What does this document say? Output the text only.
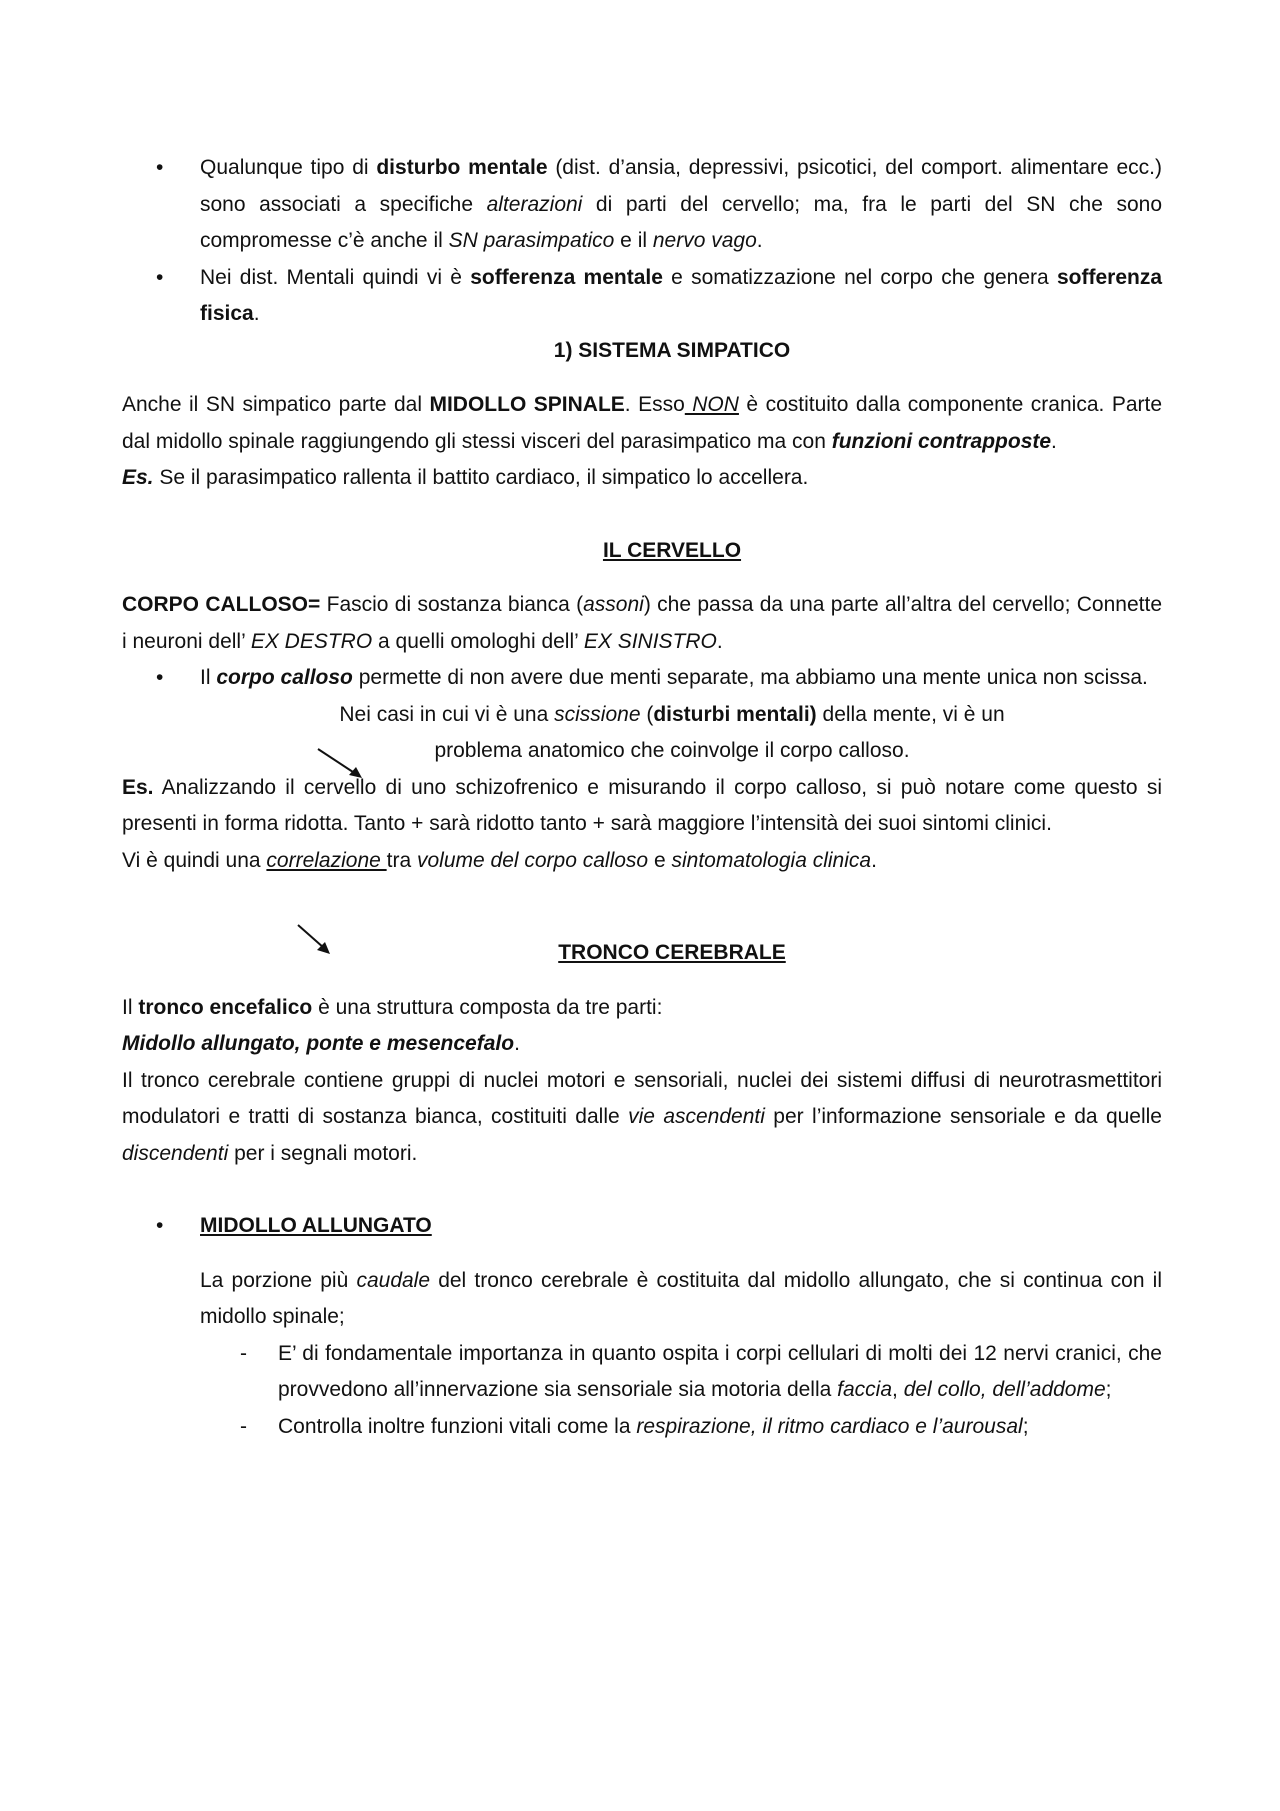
•	Qualunque tipo di disturbo mentale (dist. d’ansia, depressivi, psicotici, del comport. alimentare ecc.) sono associati a specifiche alterazioni di parti del cervello; ma, fra le parti del SN che sono compromesse c’è anche il SN parasimpatico e il nervo vago.
•	Nei dist. Mentali quindi vi è sofferenza mentale e somatizzazione nel corpo che genera sofferenza fisica.
1) SISTEMA SIMPATICO
Anche il SN simpatico parte dal MIDOLLO SPINALE. Esso NON è costituito dalla componente cranica. Parte dal midollo spinale raggiungendo gli stessi visceri del parasimpatico ma con funzioni contrapposte.
Es. Se il parasimpatico rallenta il battito cardiaco, il simpatico lo accellera.
IL CERVELLO
CORPO CALLOSO= Fascio di sostanza bianca (assoni) che passa da una parte all’altra del cervello; Connette i neuroni dell’ EX DESTRO a quelli omologhi dell’ EX SINISTRO.
•	Il corpo calloso permette di non avere due menti separate, ma abbiamo una mente unica non scissa.
Nei casi in cui vi è una scissione (disturbi mentali) della mente, vi è un
problema anatomico che coinvolge il corpo calloso.
Es. Analizzando il cervello di uno schizofrenico e misurando il corpo calloso, si può notare come questo si presenti in forma ridotta. Tanto + sarà ridotto tanto + sarà maggiore l’intensità dei suoi sintomi clinici.
Vi è quindi una correlazione tra volume del corpo calloso e sintomatologia clinica.
TRONCO CEREBRALE
Il tronco encefalico è una struttura composta da tre parti:
Midollo allungato, ponte e mesencefalo.
Il tronco cerebrale contiene gruppi di nuclei motori e sensoriali, nuclei dei sistemi diffusi di neurotrasmettitori modulatori e tratti di sostanza bianca, costituiti dalle vie ascendenti per l’informazione sensoriale e da quelle discendenti per i segnali motori.
•	MIDOLLO ALLUNGATO
La porzione più caudale del tronco cerebrale è costituita dal midollo allungato, che si continua con il midollo spinale;
-	E’ di fondamentale importanza in quanto ospita i corpi cellulari di molti dei 12 nervi cranici, che provvedono all’innervazione sia sensoriale sia motoria della faccia, del collo, dell’addome;
-	Controlla inoltre funzioni vitali come la respirazione, il ritmo cardiaco e l’aurousal;
